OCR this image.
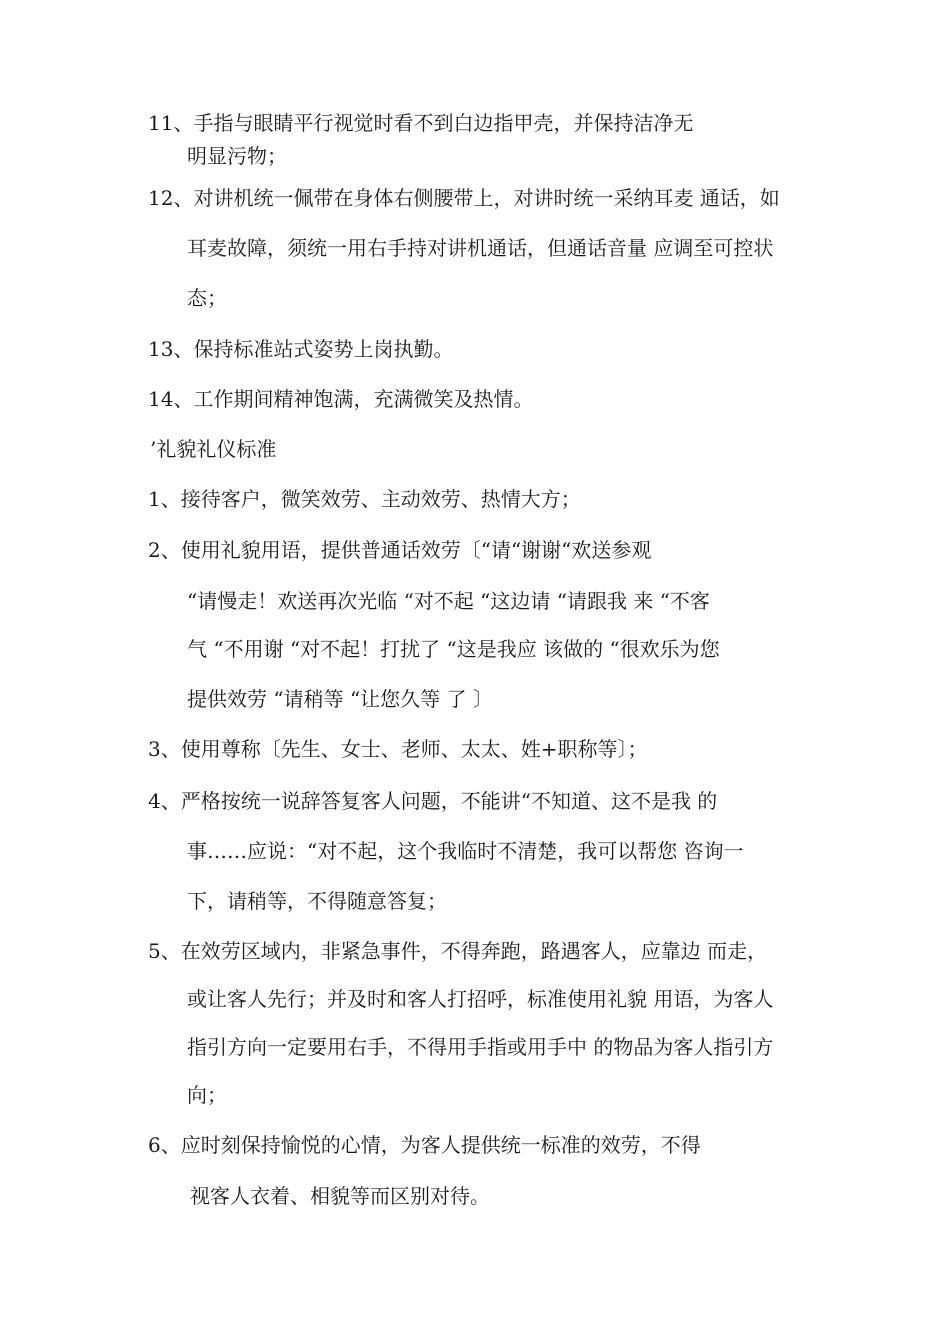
11、手指与眼睛平行视觉时看不到白边指甲壳，并保持洁净无
明显污物；
12、对讲机统一佩带在身体右侧腰带上，对讲时统一采纳耳麦 通话，如
耳麦故障，须统一用右手持对讲机通话，但通话音量 应调至可控状
态；
13、保持标准站式姿势上岗执勤。
14、工作期间精神饱满，充满微笑及热情。
’礼貌礼仪标准
1、接待客户，微笑效劳、主动效劳、热情大方；
2、使用礼貌用语，提供普通话效劳〔“请“谢谢“欢送参观
“请慢走！欢送再次光临 “对不起 “这边请 “请跟我 来 “不客
气 “不用谢 “对不起！打扰了 “这是我应 该做的 “很欢乐为您
提供效劳 “请稍等 “让您久等 了 〕
3、使用尊称〔先生、女士、老师、太太、姓+职称等〕；
4、严格按统一说辞答复客人问题，不能讲“不知道、这不是我 的
事……应说：“对不起，这个我临时不清楚，我可以帮您 咨询一
下，请稍等，不得随意答复；
5、在效劳区域内，非紧急事件，不得奔跑，路遇客人，应靠边 而走，
或让客人先行；并及时和客人打招呼，标准使用礼貌 用语，为客人
指引方向一定要用右手，不得用手指或用手中 的物品为客人指引方
向；
6、应时刻保持愉悦的心情，为客人提供统一标准的效劳，不得
视客人衣着、相貌等而区别对待。
